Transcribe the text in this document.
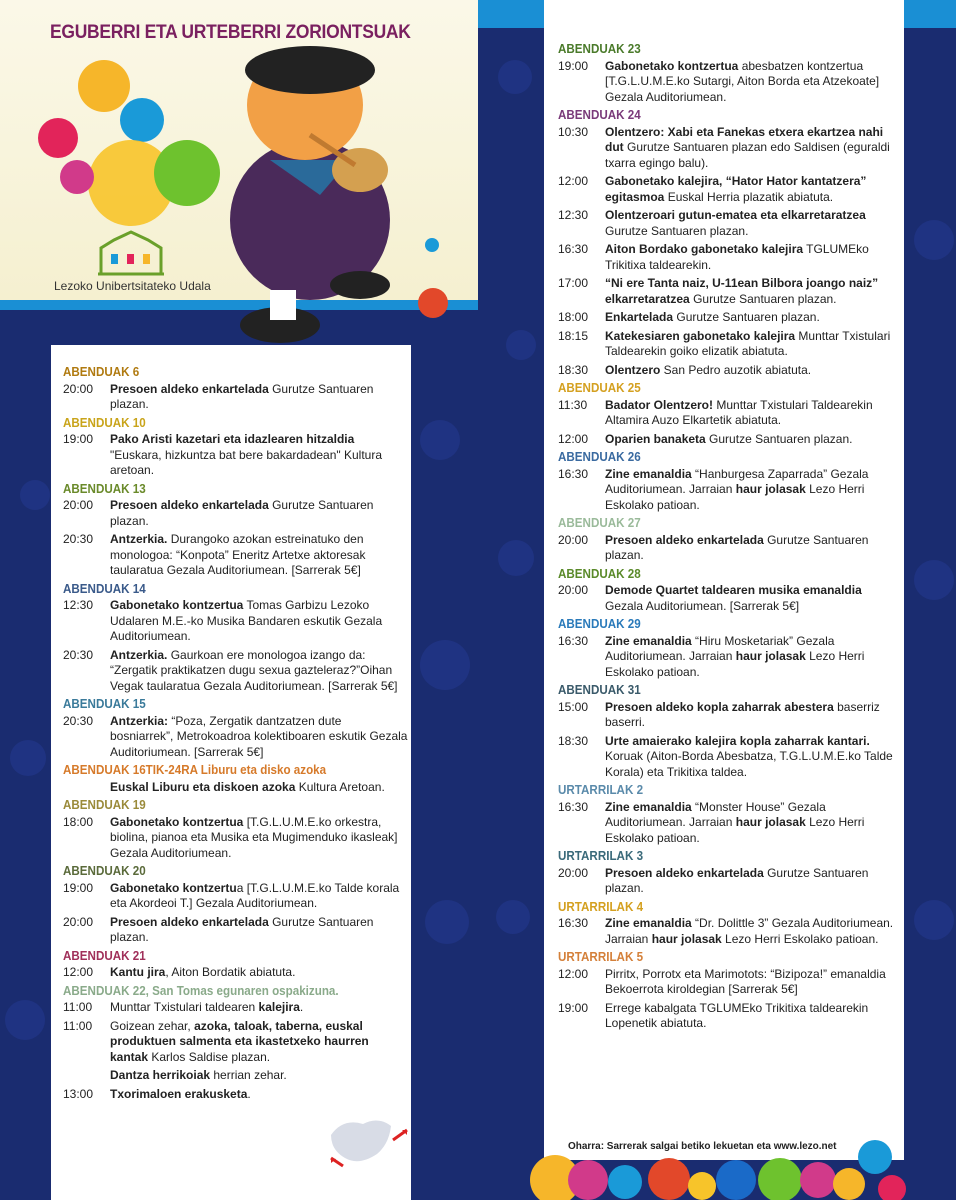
EGUBERRI ETA URTEBERRI ZORIONTSUAK
Lezoko Unibertsitateko Udala
ABENDUAK 6
20:00	Presoen aldeko enkartelada Gurutze Santuaren plazan.
ABENDUAK 10
19:00	Pako Aristi kazetari eta idazlearen hitzaldia "Euskara, hizkuntza bat bere bakardadean" Kultura aretoan.
ABENDUAK 13
20:00	Presoen aldeko enkartelada Gurutze Santuaren plazan.
20:30	Antzerkia. Durangoko azokan estreinatuko den monologoa: “Konpota” Eneritz Artetxe aktoresak taularatua Gezala Auditoriumean. [Sarrerak 5€]
ABENDUAK 14
12:30	Gabonetako kontzertua Tomas Garbizu Lezoko Udalaren M.E.-ko Musika Bandaren eskutik Gezala Auditoriumean.
20:30	Antzerkia. Gaurkoan ere monologoa izango da: “Zergatik praktikatzen dugu sexua gazteleraz?”Oihan Vegak taularatua Gezala Auditoriumean. [Sarrerak 5€]
ABENDUAK 15
20:30	Antzerkia: “Poza, Zergatik dantzatzen dute bosniarrek”, Metrokoadroa kolektiboaren eskutik Gezala Auditoriumean. [Sarrerak 5€]
ABENDUAK 16TIK-24RA Liburu eta disko azoka
Euskal Liburu eta diskoen azoka Kultura Aretoan.
ABENDUAK 19
18:00	Gabonetako kontzertua [T.G.L.U.M.E.ko orkestra, biolina, pianoa eta Musika eta Mugimenduko ikasleak] Gezala Auditoriumean.
ABENDUAK 20
19:00	Gabonetako kontzertua [T.G.L.U.M.E.ko Talde korala eta Akordeoi T.] Gezala Auditoriumean.
20:00	Presoen aldeko enkartelada Gurutze Santuaren plazan.
ABENDUAK 21
12:00	Kantu jira, Aiton Bordatik abiatuta.
ABENDUAK 22, San Tomas egunaren ospakizuna.
11:00	Munttar Txistulari taldearen kalejira.
11:00	Goizean zehar, azoka, taloak, taberna, euskal produktuen salmenta eta ikastetxeko haurren kantak Karlos Saldise plazan.
Dantza herrikoiak herrian zehar.
13:00	Txorimaloen erakusketa.
ABENDUAK 23
19:00	Gabonetako kontzertua abesbatzen kontzertua [T.G.L.U.M.E.ko Sutargi, Aiton Borda eta Atzekoate] Gezala Auditoriumean.
ABENDUAK 24
10:30	Olentzero: Xabi eta Fanekas etxera ekartzea nahi dut Gurutze Santuaren plazan edo Saldisen (eguraldi txarra egingo balu).
12:00	Gabonetako kalejira, “Hator Hator kantatzera” egitasmoa Euskal Herria plazatik abiatuta.
12:30	Olentzeroari gutun-ematea eta elkarretaratzea Gurutze Santuaren plazan.
16:30	Aiton Bordako gabonetako kalejira TGLUMEko Trikitixa taldearekin.
17:00	“Ni ere Tanta naiz, U-11ean Bilbora joango naiz” elkarretaratzea Gurutze Santuaren plazan.
18:00	Enkartelada Gurutze Santuaren plazan.
18:15	Katekesiaren gabonetako kalejira Munttar Txistulari Taldearekin goiko elizatik abiatuta.
18:30	Olentzero San Pedro auzotik abiatuta.
ABENDUAK 25
11:30	Badator Olentzero! Munttar Txistulari Taldearekin Altamira Auzo Elkartetik abiatuta.
12:00	Oparien banaketa Gurutze Santuaren plazan.
ABENDUAK 26
16:30	Zine emanaldia “Hanburgesa Zaparrada” Gezala Auditoriumean. Jarraian haur jolasak Lezo Herri Eskolako patioan.
ABENDUAK 27
20:00	Presoen aldeko enkartelada Gurutze Santuaren plazan.
ABENDUAK 28
20:00	Demode Quartet taldearen musika emanaldia Gezala Auditoriumean. [Sarrerak 5€]
ABENDUAK 29
16:30	Zine emanaldia “Hiru Mosketariak” Gezala Auditoriumean. Jarraian haur jolasak Lezo Herri Eskolako patioan.
ABENDUAK 31
15:00	Presoen aldeko kopla zaharrak abestera baserriz baserri.
18:30	Urte amaierako kalejira kopla zaharrak kantari. Koruak (Aiton-Borda Abesbatza, T.G.L.U.M.E.ko Talde Korala) eta Trikitixa taldea.
URTARRILAK 2
16:30	Zine emanaldia “Monster House” Gezala Auditoriumean. Jarraian haur jolasak Lezo Herri Eskolako patioan.
URTARRILAK 3
20:00	Presoen aldeko enkartelada Gurutze Santuaren plazan.
URTARRILAK 4
16:30	Zine emanaldia “Dr. Dolittle 3” Gezala Auditoriumean. Jarraian haur jolasak Lezo Herri Eskolako patioan.
URTARRILAK 5
12:00	Pirritx, Porrotx eta Marimotots: “Bizipoza!” emanaldia Bekoerrota kiroldegian [Sarrerak 5€]
19:00	Errege kabalgata TGLUMEko Trikitixa taldearekin Lopenetik abiatuta.
Oharra: Sarrerak salgai betiko lekuetan eta www.lezo.net
